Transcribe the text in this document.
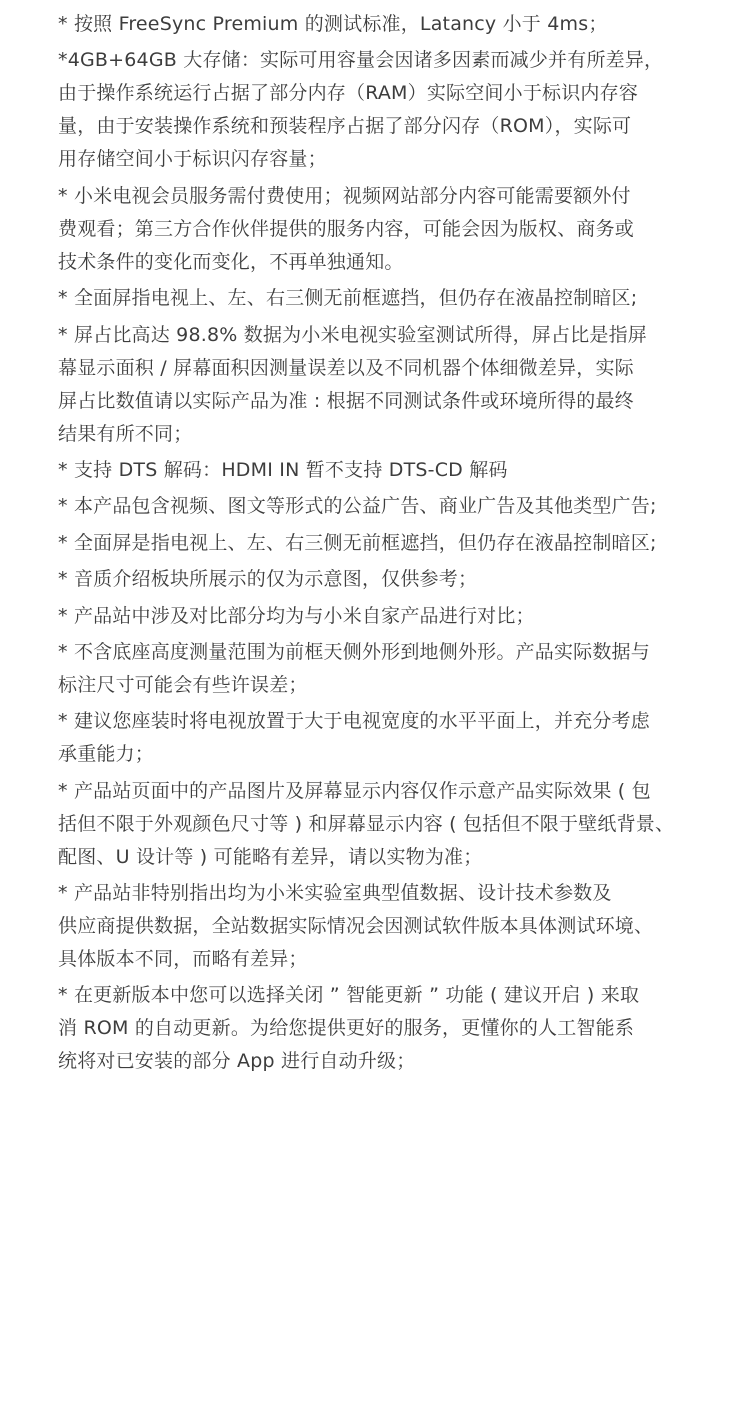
* 按照 FreeSync Premium 的测试标准，Latancy 小于 4ms；
*4GB+64GB 大存储：实际可用容量会因诸多因素而减少并有所差异，
由于操作系统运行占据了部分内存（RAM）实际空间小于标识内存容
量，由于安装操作系统和预装程序占据了部分闪存（ROM），实际可
用存储空间小于标识闪存容量；
* 小米电视会员服务需付费使用；视频网站部分内容可能需要额外付
费观看；第三方合作伙伴提供的服务内容，可能会因为版权、商务或
技术条件的变化而变化，不再单独通知。
* 全面屏指电视上、左、右三侧无前框遮挡，但仍存在液晶控制暗区;
* 屏占比高达 98.8% 数据为小米电视实验室测试所得，屏占比是指屏
幕显示面积 / 屏幕面积因测量误差以及不同机器个体细微差异，实际
屏占比数值请以实际产品为准 : 根据不同测试条件或环境所得的最终
结果有所不同；
* 支持 DTS 解码：HDMI IN 暂不支持 DTS-CD 解码
* 本产品包含视频、图文等形式的公益广告、商业广告及其他类型广告;
* 全面屏是指电视上、左、右三侧无前框遮挡，但仍存在液晶控制暗区;
* 音质介绍板块所展示的仅为示意图，仅供参考；
* 产品站中涉及对比部分均为与小米自家产品进行对比；
* 不含底座高度测量范围为前框天侧外形到地侧外形。产品实际数据与
标注尺寸可能会有些许误差；
* 建议您座装时将电视放置于大于电视宽度的水平平面上，并充分考虑
承重能力；
* 产品站页面中的产品图片及屏幕显示内容仅作示意产品实际效果 ( 包
括但不限于外观颜色尺寸等 ) 和屏幕显示内容 ( 包括但不限于壁纸背景、
配图、U 设计等 ) 可能略有差异，请以实物为准；
* 产品站非特别指出均为小米实验室典型值数据、设计技术参数及
供应商提供数据，全站数据实际情况会因测试软件版本具体测试环境、
具体版本不同，而略有差异；
* 在更新版本中您可以选择关闭 ” 智能更新 ” 功能 ( 建议开启 ) 来取
消 ROM 的自动更新。为给您提供更好的服务，更懂你的人工智能系
统将对已安装的部分 App 进行自动升级；
